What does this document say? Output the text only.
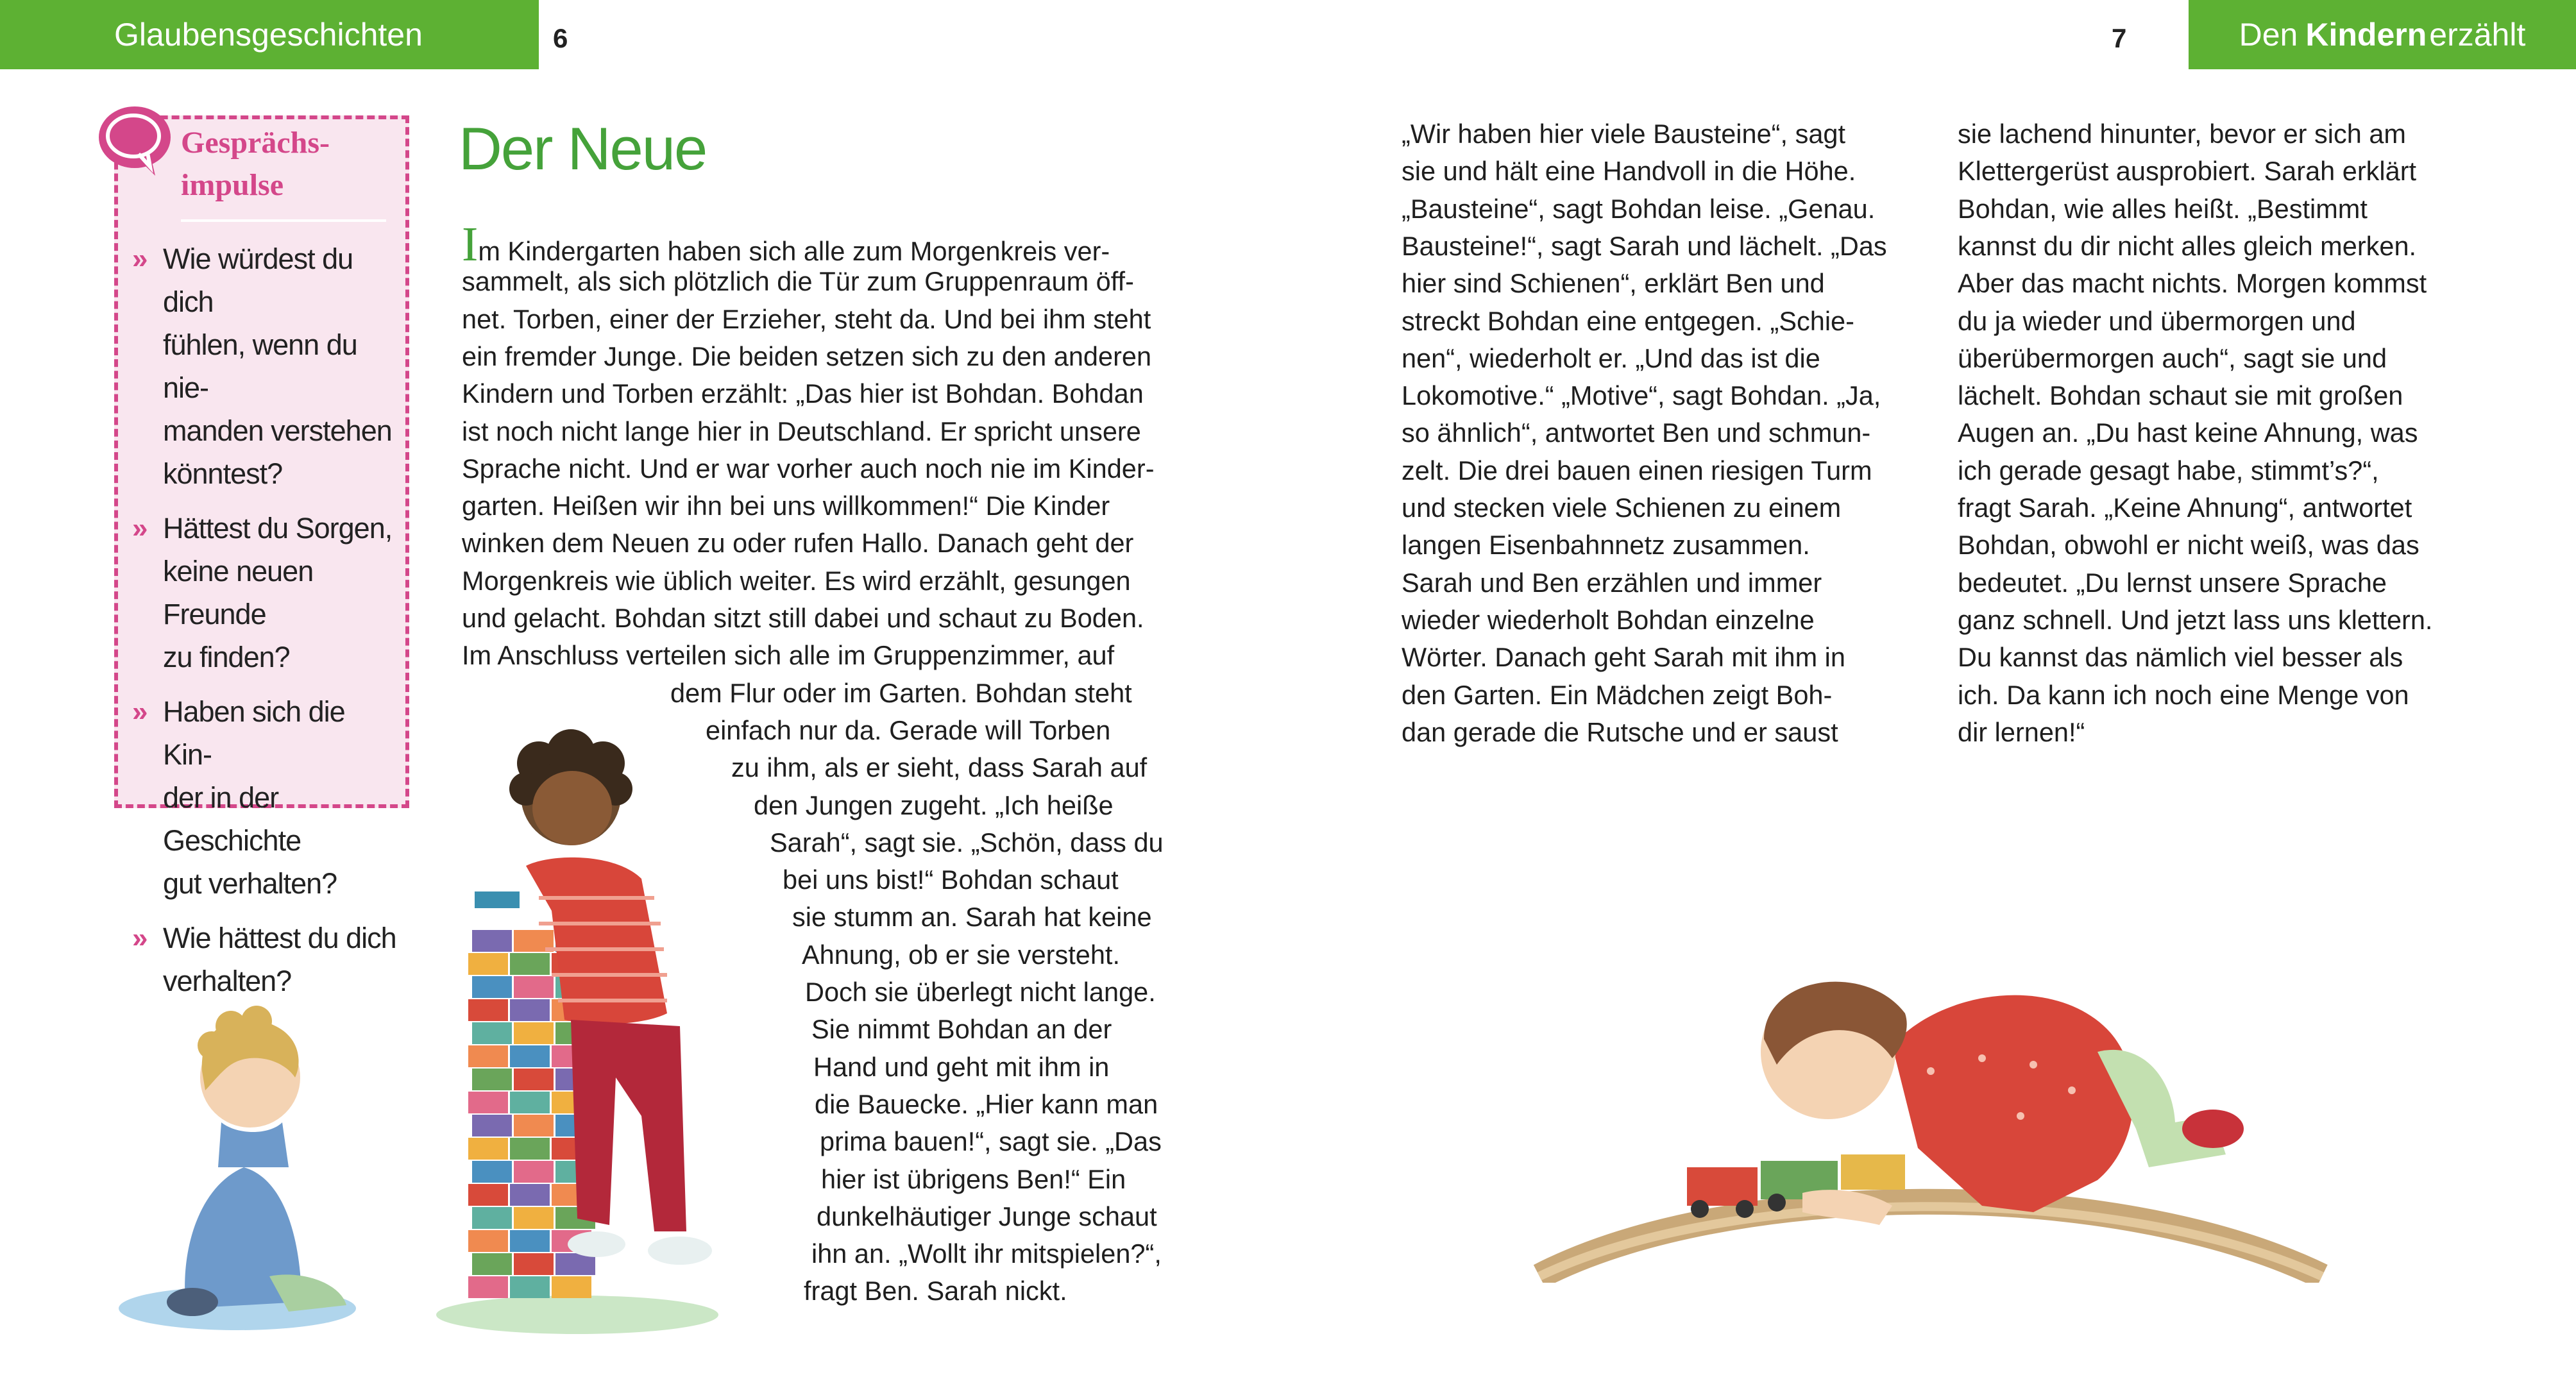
Glaubensgeschichten	6	7	Den Kindern erzählt
Gesprächs-
impulse
» Wie würdest du dich
fühlen, wenn du nie-
manden verstehen
könntest?
» Hättest du Sorgen,
keine neuen Freunde
zu finden?
» Haben sich die Kin-
der in der Geschichte
gut verhalten?
» Wie hättest du dich
verhalten?
Der Neue
Im Kindergarten haben sich alle zum Morgenkreis ver-
sammelt, als sich plötzlich die Tür zum Gruppenraum öff-
net. Torben, einer der Erzieher, steht da. Und bei ihm steht
ein fremder Junge. Die beiden setzen sich zu den anderen
Kindern und Torben erzählt: „Das hier ist Bohdan. Bohdan
ist noch nicht lange hier in Deutschland. Er spricht unsere
Sprache nicht. Und er war vorher auch noch nie im Kinder-
garten. Heißen wir ihn bei uns willkommen!“ Die Kinder
winken dem Neuen zu oder rufen Hallo. Danach geht der
Morgenkreis wie üblich weiter. Es wird erzählt, gesungen
und gelacht. Bohdan sitzt still dabei und schaut zu Boden.
Im Anschluss verteilen sich alle im Gruppenzimmer, auf
dem Flur oder im Garten. Bohdan steht
einfach nur da. Gerade will Torben
zu ihm, als er sieht, dass Sarah auf
den Jungen zugeht. „Ich heiße
Sarah“, sagt sie. „Schön, dass du
bei uns bist!“ Bohdan schaut
sie stumm an. Sarah hat keine
Ahnung, ob er sie versteht.
Doch sie überlegt nicht lange.
Sie nimmt Bohdan an der
Hand und geht mit ihm in
die Bauecke. „Hier kann man
prima bauen!“, sagt sie. „Das
hier ist übrigens Ben!“ Ein
dunkelhäutiger Junge schaut
ihn an. „Wollt ihr mitspielen?“,
fragt Ben. Sarah nickt.
„Wir haben hier viele Bausteine“, sagt
sie und hält eine Handvoll in die Höhe.
„Bausteine“, sagt Bohdan leise. „Genau.
Bausteine!“, sagt Sarah und lächelt. „Das
hier sind Schienen“, erklärt Ben und
streckt Bohdan eine entgegen. „Schie-
nen“, wiederholt er. „Und das ist die
Lokomotive.“ „Motive“, sagt Bohdan. „Ja,
so ähnlich“, antwortet Ben und schmun-
zelt. Die drei bauen einen riesigen Turm
und stecken viele Schienen zu einem
langen Eisenbahnnetz zusammen.
Sarah und Ben erzählen und immer
wieder wiederholt Bohdan einzelne
Wörter. Danach geht Sarah mit ihm in
den Garten. Ein Mädchen zeigt Boh-
dan gerade die Rutsche und er saust
sie lachend hinunter, bevor er sich am
Klettergerüst ausprobiert. Sarah erklärt
Bohdan, wie alles heißt. „Bestimmt
kannst du dir nicht alles gleich merken.
Aber das macht nichts. Morgen kommst
du ja wieder und übermorgen und
überübermorgen auch“, sagt sie und
lächelt. Bohdan schaut sie mit großen
Augen an. „Du hast keine Ahnung, was
ich gerade gesagt habe, stimmt’s?“,
fragt Sarah. „Keine Ahnung“, antwortet
Bohdan, obwohl er nicht weiß, was das
bedeutet. „Du lernst unsere Sprache
ganz schnell. Und jetzt lass uns klettern.
Du kannst das nämlich viel besser als
ich. Da kann ich noch eine Menge von
dir lernen!“
